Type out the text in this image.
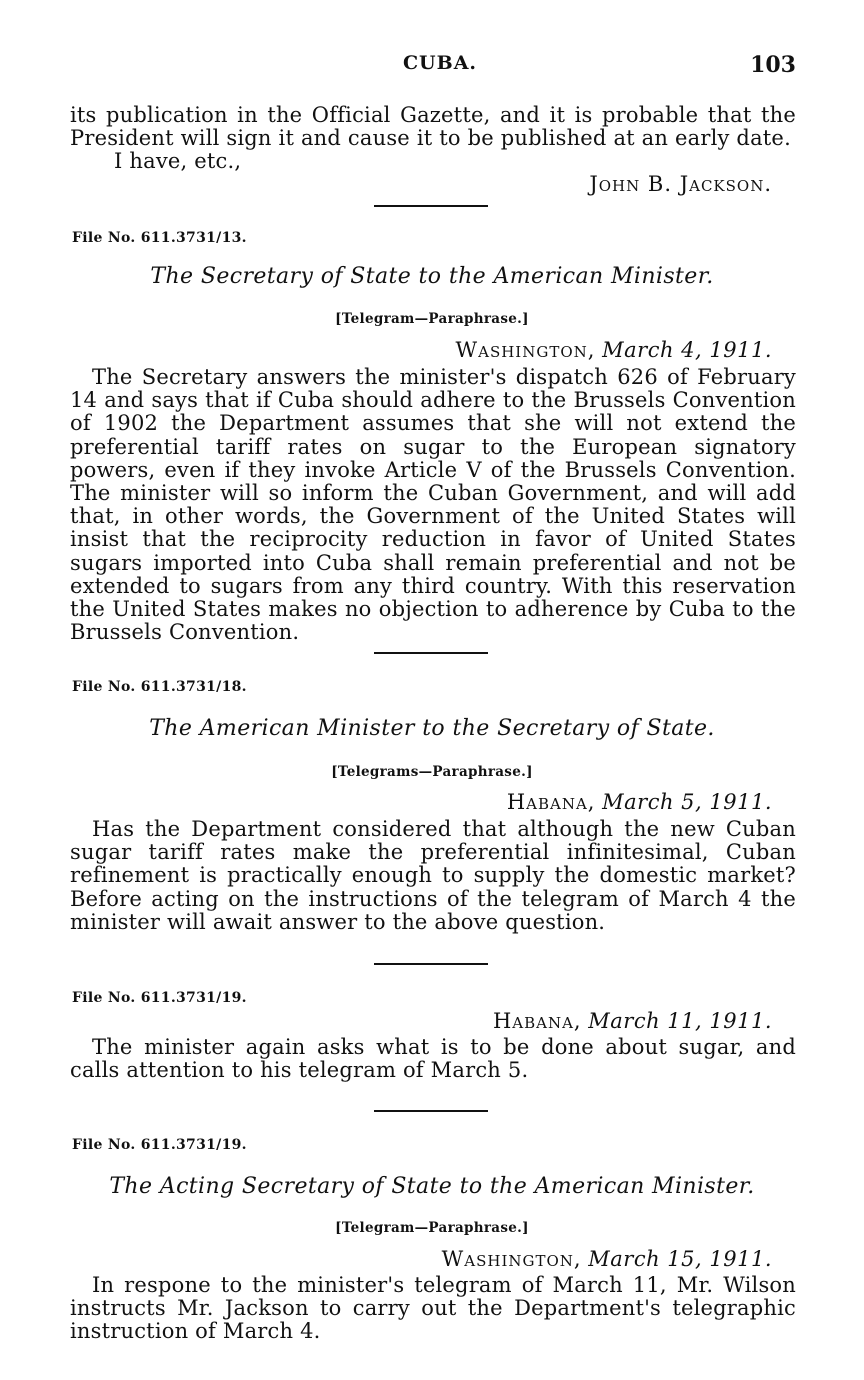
CUBA.	103

its publication in the Official Gazette, and it is probable that the President will sign it and cause it to be published at an early date.

I have, etc.,

John B. Jackson.
File No. 611.3731/13.
The Secretary of State to the American Minister.
[Telegram—Paraphrase.]
Washington, March 4, 1911.

The Secretary answers the minister's dispatch 626 of February 14 and says that if Cuba should adhere to the Brussels Convention of 1902 the Department assumes that she will not extend the preferential tariff rates on sugar to the European signatory powers, even if they invoke Article V of the Brussels Convention. The minister will so inform the Cuban Government, and will add that, in other words, the Government of the United States will insist that the reciprocity reduction in favor of United States sugars imported into Cuba shall remain preferential and not be extended to sugars from any third country. With this reservation the United States makes no objection to adherence by Cuba to the Brussels Convention.

File No. 611.3731/18.
The American Minister to the Secretary of State.
[Telegrams—Paraphrase.]
Habana, March 5, 1911.

Has the Department considered that although the new Cuban sugar tariff rates make the preferential infinitesimal, Cuban refinement is practically enough to supply the domestic market? Before acting on the instructions of the telegram of March 4 the minister will await answer to the above question.

File No. 611.3731/19.
Habana, March 11, 1911.

The minister again asks what is to be done about sugar, and calls attention to his telegram of March 5.

File No. 611.3731/19.
The Acting Secretary of State to the American Minister.
[Telegram—Paraphrase.]
Washington, March 15, 1911.

In respone to the minister's telegram of March 11, Mr. Wilson instructs Mr. Jackson to carry out the Department's telegraphic instruction of March 4.
